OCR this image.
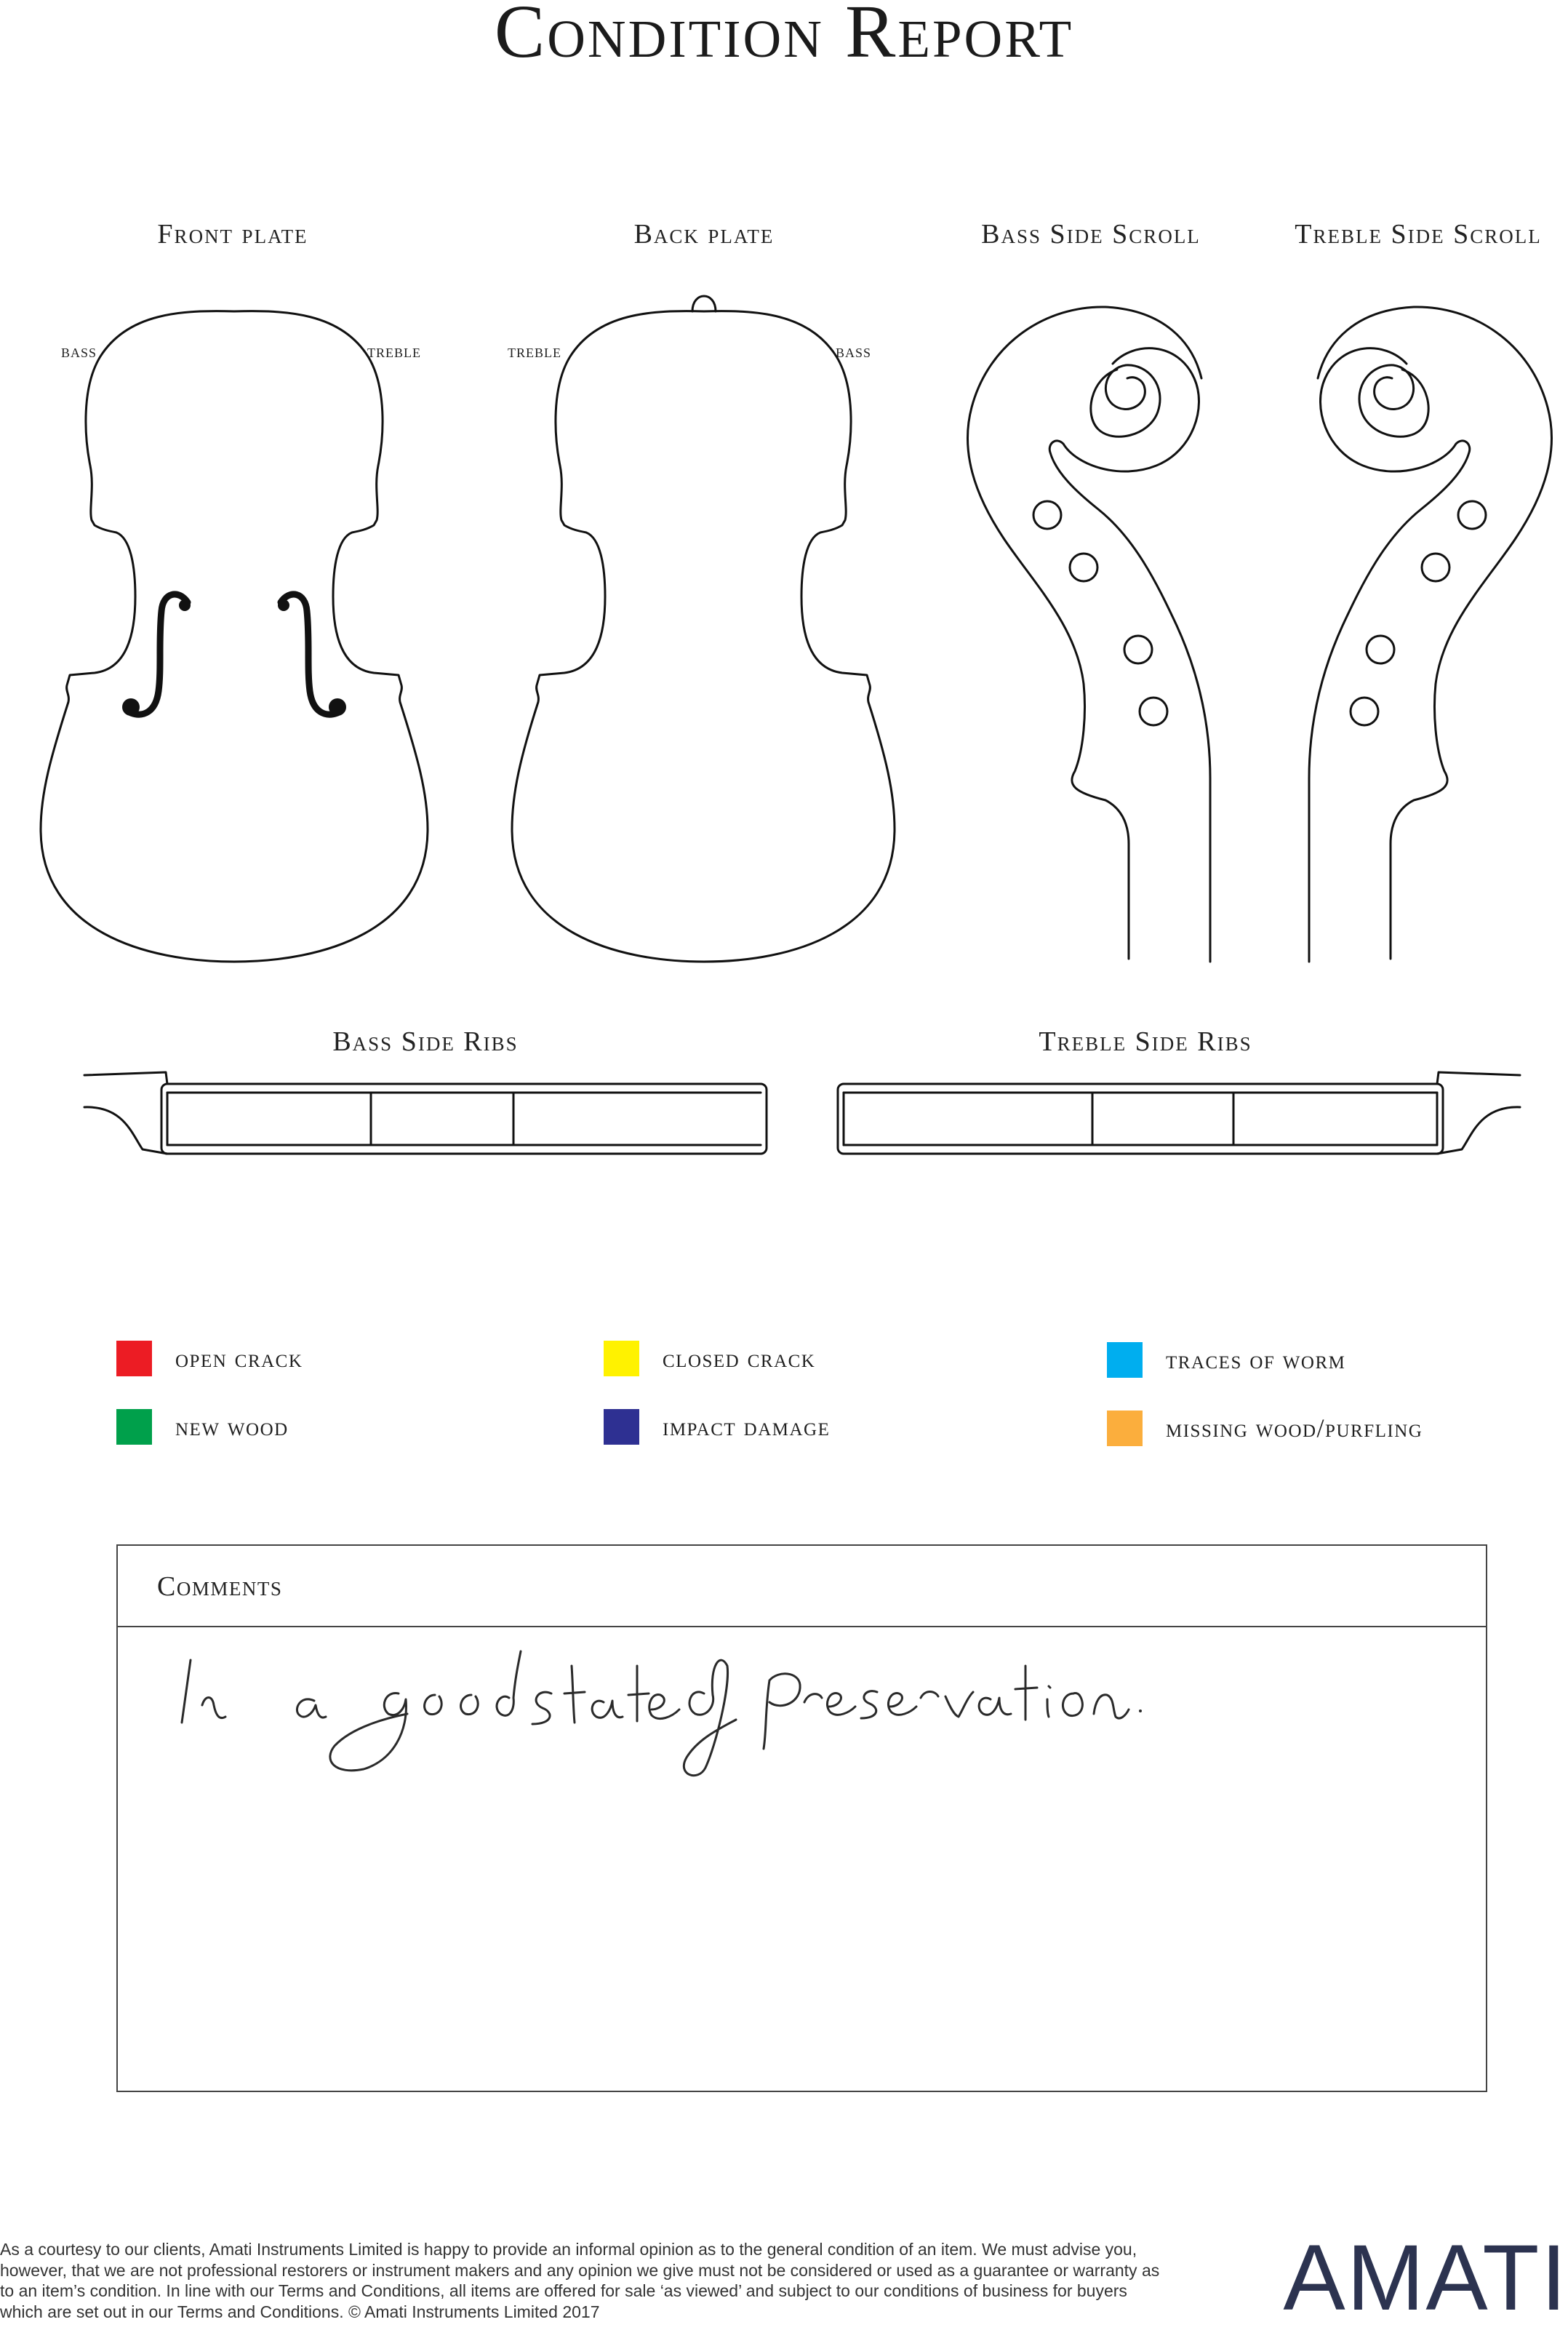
Condition Report
Front plate	Back plate	Bass Side Scroll	Treble Side Scroll
Bass Side Ribs	Treble Side Ribs
bass	treble	treble	bass
open crack
new wood
closed crack
impact damage
traces of worm
missing wood/purfling
Comments
As a courtesy to our clients, Amati Instruments Limited is happy to provide an informal opinion as to the general condition of an item. We must advise you, however, that we are not professional restorers or instrument makers and any opinion we give must not be considered or used as a guarantee or warranty as to an item’s condition. In line with our Terms and Conditions, all items are offered for sale ‘as viewed’ and subject to our conditions of business for buyers which are set out in our Terms and Conditions. © Amati Instruments Limited 2017	AMATI
